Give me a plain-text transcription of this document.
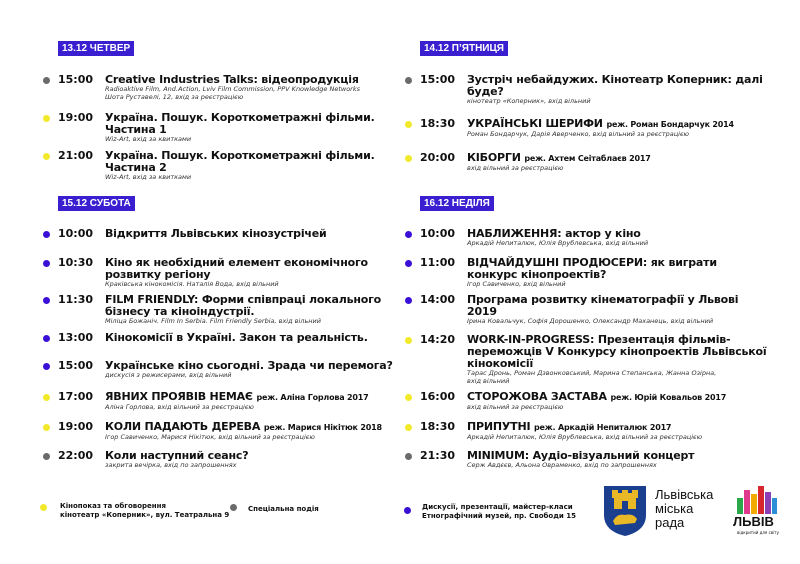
13.12 ЧЕТВЕР
15:00 Creative Industries Talks: відеопродукція
Radioaktive Film, And.Action, Lviv Film Commission, PPV Knowledge Networks
Шота Руставелі, 12, вхід за реєстрацією
19:00 Україна. Пошук. Короткометражні фільми. Частина 1
Wiz-Art, вхід за квитками
21:00 Україна. Пошук. Короткометражні фільми. Частина 2
Wiz-Art, вхід за квитками
14.12 П’ЯТНИЦЯ
15:00 Зустріч небайдужих. Кінотеатр Коперник: далі буде?
кінотеатр «Коперник», вхід вільний
18:30 УКРАЇНСЬКІ ШЕРИФИ реж. Роман Бондарчук 2014
Роман Бондарчук, Дарія Аверченко, вхід вільний за реєстрацією
20:00 КІБОРГИ реж. Ахтем Сеітаблаєв 2017
вхід вільний за реєстрацією
15.12 СУБОТА
10:00 Відкриття Львівських кінозустрічей
10:30 Кіно як необхідний елемент економічного розвитку регіону
Краківська кінокомісія. Наталія Вода, вхід вільний
11:30 FILM FRIENDLY: Форми співпраці локального бізнесу та кіноіндустрії.
Міліца Божаніч. Film In Serbia. Film Friendly Serbia, вхід вільний
13:00 Кінокомісії в Україні. Закон та реальність.
15:00 Українське кіно сьогодні. Зрада чи перемога?
дискусія з режисерами, вхід вільний
17:00 ЯВНИХ ПРОЯВІВ НЕМАЄ реж. Аліна Горлова 2017
Аліна Горлова, вхід вільний за реєстрацією
19:00 КОЛИ ПАДАЮТЬ ДЕРЕВА реж. Марися Нікітюк 2018
Ігор Савиченко, Марися Нікітюк, вхід вільний за реєстрацією
22:00 Коли наступний сеанс?
закрита вечірка, вхід по запрошеннях
16.12 НЕДІЛЯ
10:00 НАБЛИЖЕННЯ: актор у кіно
Аркадій Непиталюк, Юлія Врублевська, вхід вільний
11:00 ВІДЧАЙДУШНІ ПРОДЮСЕРИ: як виграти конкурс кінопроектів?
Ігор Савиченко, вхід вільний
14:00 Програма розвитку кінематографії у Львові 2019
Ірина Ковальчук, Софія Дорошенко, Олександр Маханець, вхід вільний
14:20 WORK-IN-PROGRESS: Презентація фільмів-переможців V Конкурсу кінопроектів Львівської кінокомісії
Тарас Дронь, Роман Дзвонковський, Марина Степанська, Жанна Озірна,
вхід вільний
16:00 СТОРОЖОВА ЗАСТАВА реж. Юрій Ковальов 2017
вхід вільний за реєстрацією
18:30 ПРИПУТНІ реж. Аркадій Непиталюк 2017
Аркадій Непиталюк, Юлія Врублевська, вхід вільний за реєстрацією
21:30 MINIMUM: Аудіо-візуальний концерт
Серж Авдєєв, Альона Овраменко, вхід по запрошеннях
Кінопоказ та обговорення
кінотеатр «Коперник», вул. Театральна 9
Спеціальна подія	Дискусії, презентації, майстер-класи
Етнографічний музей, пр. Свободи 15
Львівська
міська
рада	ЛЬВІВ
відкритий для світу
